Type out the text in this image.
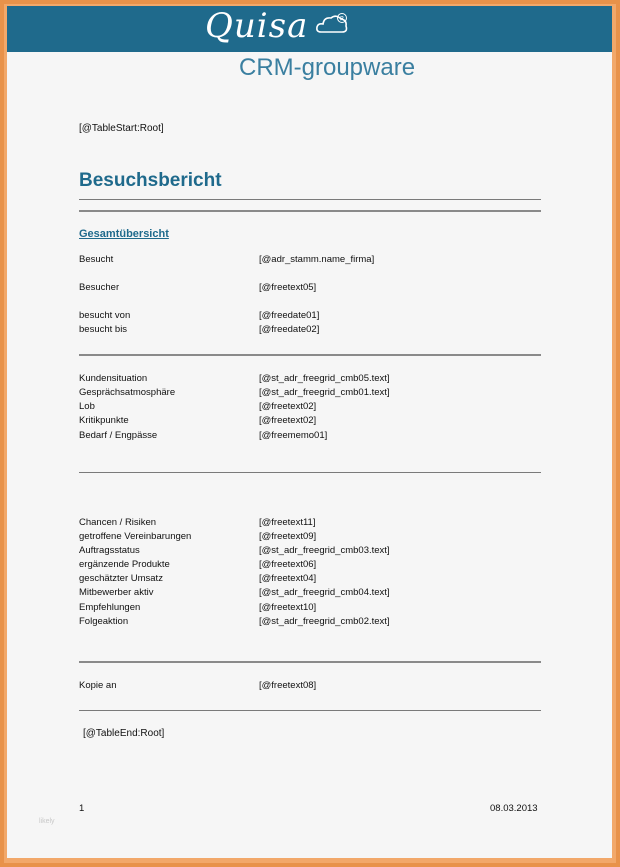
Quisa	R
CRM-groupware
[@TableStart:Root]
Besuchsbericht
Gesamtübersicht
Besucht	[@adr_stamm.name_firma]
Besucher	[@freetext05]
besucht von	[@freedate01]
besucht bis	[@freedate02]
Kundensituation	[@st_adr_freegrid_cmb05.text]
Gesprächsatmosphäre	[@st_adr_freegrid_cmb01.text]
Lob	[@freetext02]
Kritikpunkte	[@freetext02]
Bedarf / Engpässe	[@freememo01]
Chancen / Risiken	[@freetext11]
getroffene Vereinbarungen	[@freetext09]
Auftragsstatus	[@st_adr_freegrid_cmb03.text]
ergänzende Produkte	[@freetext06]
geschätzter Umsatz	[@freetext04]
Mitbewerber aktiv	[@st_adr_freegrid_cmb04.text]
Empfehlungen	[@freetext10]
Folgeaktion	[@st_adr_freegrid_cmb02.text]
Kopie an	[@freetext08]
[@TableEnd:Root]
1	08.03.2013
likely
